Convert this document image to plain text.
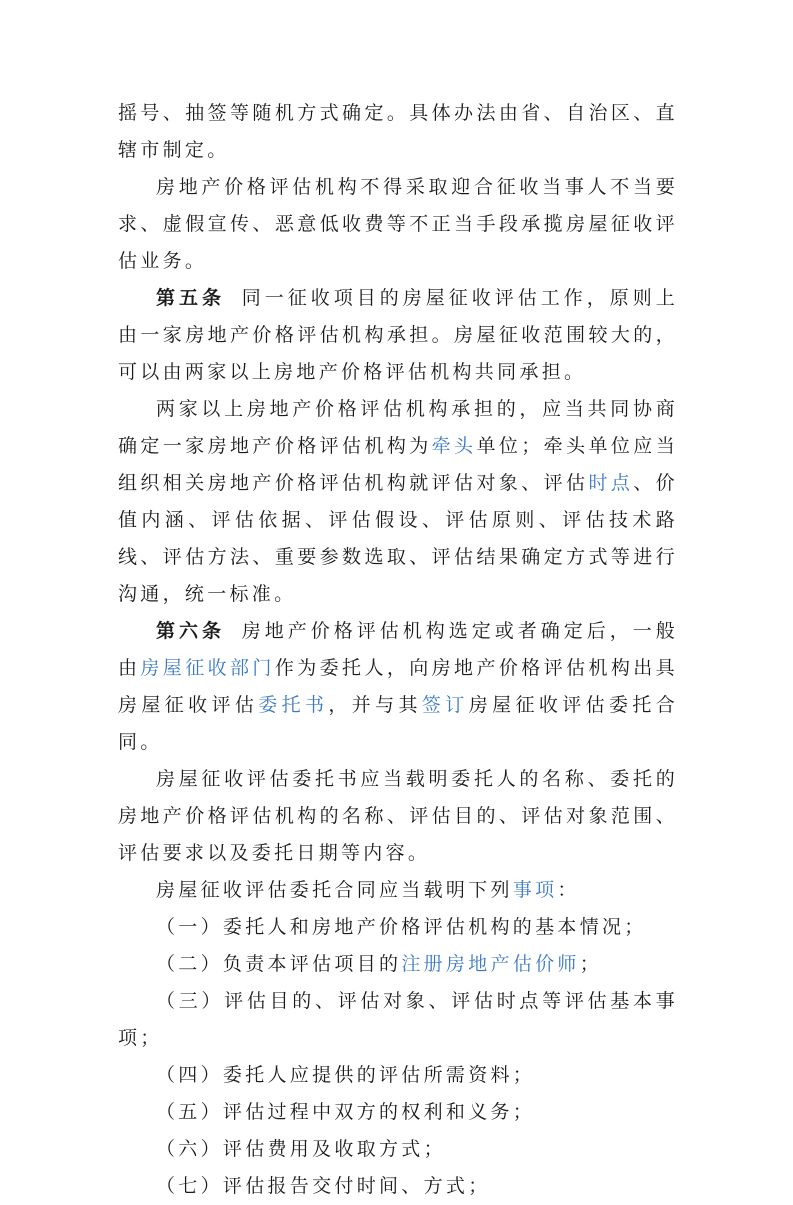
摇号、抽签等随机方式确定。具体办法由省、自治区、直辖市制定。

房地产价格评估机构不得采取迎合征收当事人不当要求、虚假宣传、恶意低收费等不正当手段承揽房屋征收评估业务。

第五条 同一征收项目的房屋征收评估工作，原则上由一家房地产价格评估机构承担。房屋征收范围较大的，可以由两家以上房地产价格评估机构共同承担。

两家以上房地产价格评估机构承担的，应当共同协商确定一家房地产价格评估机构为牵头单位；牵头单位应当组织相关房地产价格评估机构就评估对象、评估时点、价值内涵、评估依据、评估假设、评估原则、评估技术路线、评估方法、重要参数选取、评估结果确定方式等进行沟通，统一标准。

第六条 房地产价格评估机构选定或者确定后，一般由房屋征收部门作为委托人，向房地产价格评估机构出具房屋征收评估委托书，并与其签订房屋征收评估委托合同。

房屋征收评估委托书应当载明委托人的名称、委托的房地产价格评估机构的名称、评估目的、评估对象范围、评估要求以及委托日期等内容。

房屋征收评估委托合同应当载明下列事项：

（一）委托人和房地产价格评估机构的基本情况；

（二）负责本评估项目的注册房地产估价师；

（三）评估目的、评估对象、评估时点等评估基本事项；

（四）委托人应提供的评估所需资料；

（五）评估过程中双方的权利和义务；

（六）评估费用及收取方式；

（七）评估报告交付时间、方式；
